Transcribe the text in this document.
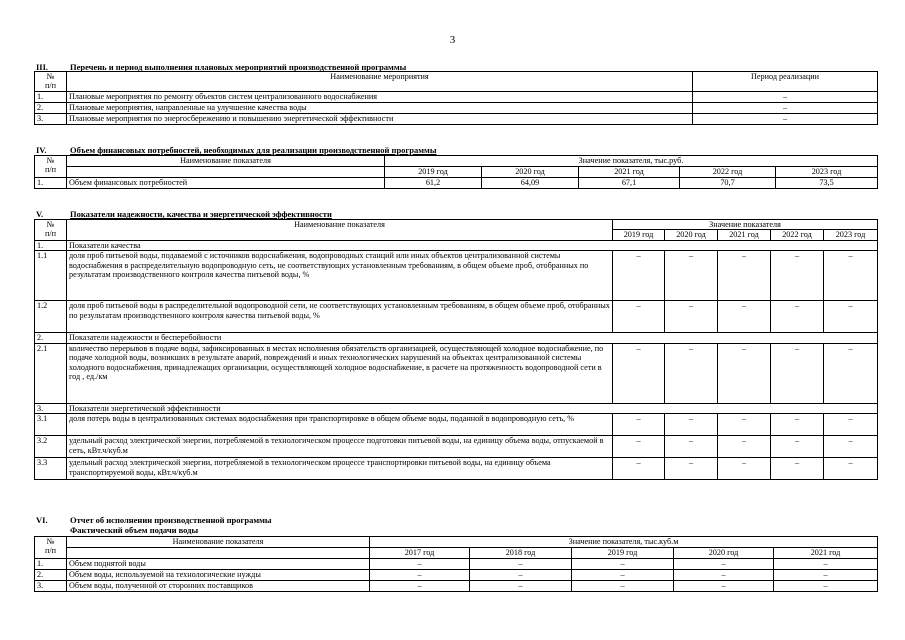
3
III.	Перечень и период выполнения плановых мероприятий производственной программы
№
п/п	Наименование мероприятия	Период реализации
1.	Плановые мероприятия по ремонту объектов систем централизованного водоснабжения	–
2.	Плановые мероприятия, направленные на улучшение качества воды	–
3.	Плановые мероприятия по энергосбережению и повышению энергетической эффективности	–
IV.	Объем финансовых потребностей, необходимых для реализации производственной программы
№
п/п	Наименование показателя	Значение показателя, тыс.руб.				
		2019 год	2020 год	2021 год	2022 год	2023 год
1.	Объем финансовых потребностей	61,2	64,09	67,1	70,7	73,5
V.	Показатели надежности, качества и энергетической эффективности
№
п/п	Наименование показателя	Значение показателя				
		2019 год	2020 год	2021 год	2022 год	2023 год
1.	Показатели качества					
1.1	доля проб питьевой воды, подаваемой с источников водоснабжения, водопроводных станций или иных объектов централизованной системы водоснабжения в распределительную водопроводную сеть, не соответствующих установленным требованиям, в общем объеме проб, отобранных по результатам производственного контроля качества питьевой воды, %	–	–	–	–	–
1.2	доля проб питьевой воды в распределительной водопроводной сети, не соответствующих установленным требованиям, в общем объеме проб, отобранных по результатам производственного контроля качества питьевой воды, %	–	–	–	–	–
2.	Показатели надежности и бесперебойности					
2.1	количество перерывов в подаче воды, зафиксированных в местах исполнения обязательств организацией, осуществляющей холодное водоснабжение, по подаче холодной воды, возникших в результате аварий, повреждений и иных технологических нарушений на объектах централизованной системы холодного водоснабжения, принадлежащих организации, осуществляющей холодное водоснабжение, в расчете на протяженность водопроводной сети в год , ед./км	–	–	–	–	–
3.	Показатели энергетической эффективности					
3.1	доля потерь воды в централизованных системах водоснабжения при транспортировке в общем объеме воды, поданной в водопроводную сеть, %	–	–	–	–	–
3.2	удельный расход электрической энергии, потребляемой в технологическом процессе подготовки питьевой воды, на единицу объема воды, отпускаемой в сеть, кВт.ч/куб.м	–	–	–	–	–
3.3	удельный расход электрической энергии, потребляемой в технологическом процессе транспортировки питьевой воды, на единицу объема транспортируемой воды, кВт.ч/куб.м	–	–	–	–	–
VI.	Отчет об исполнении производственной программы
Фактический объем подачи воды
№
п/п	Наименование показателя	Значение показателя, тыс.куб.м				
		2017 год	2018 год	2019 год	2020 год	2021 год
1.	Объем поднятой воды	–	–	–	–	–
2.	Объем воды, используемой на технологические нужды	–	–	–	–	–
3.	Объем воды, полученной от сторонних поставщиков	–	–	–	–	–
